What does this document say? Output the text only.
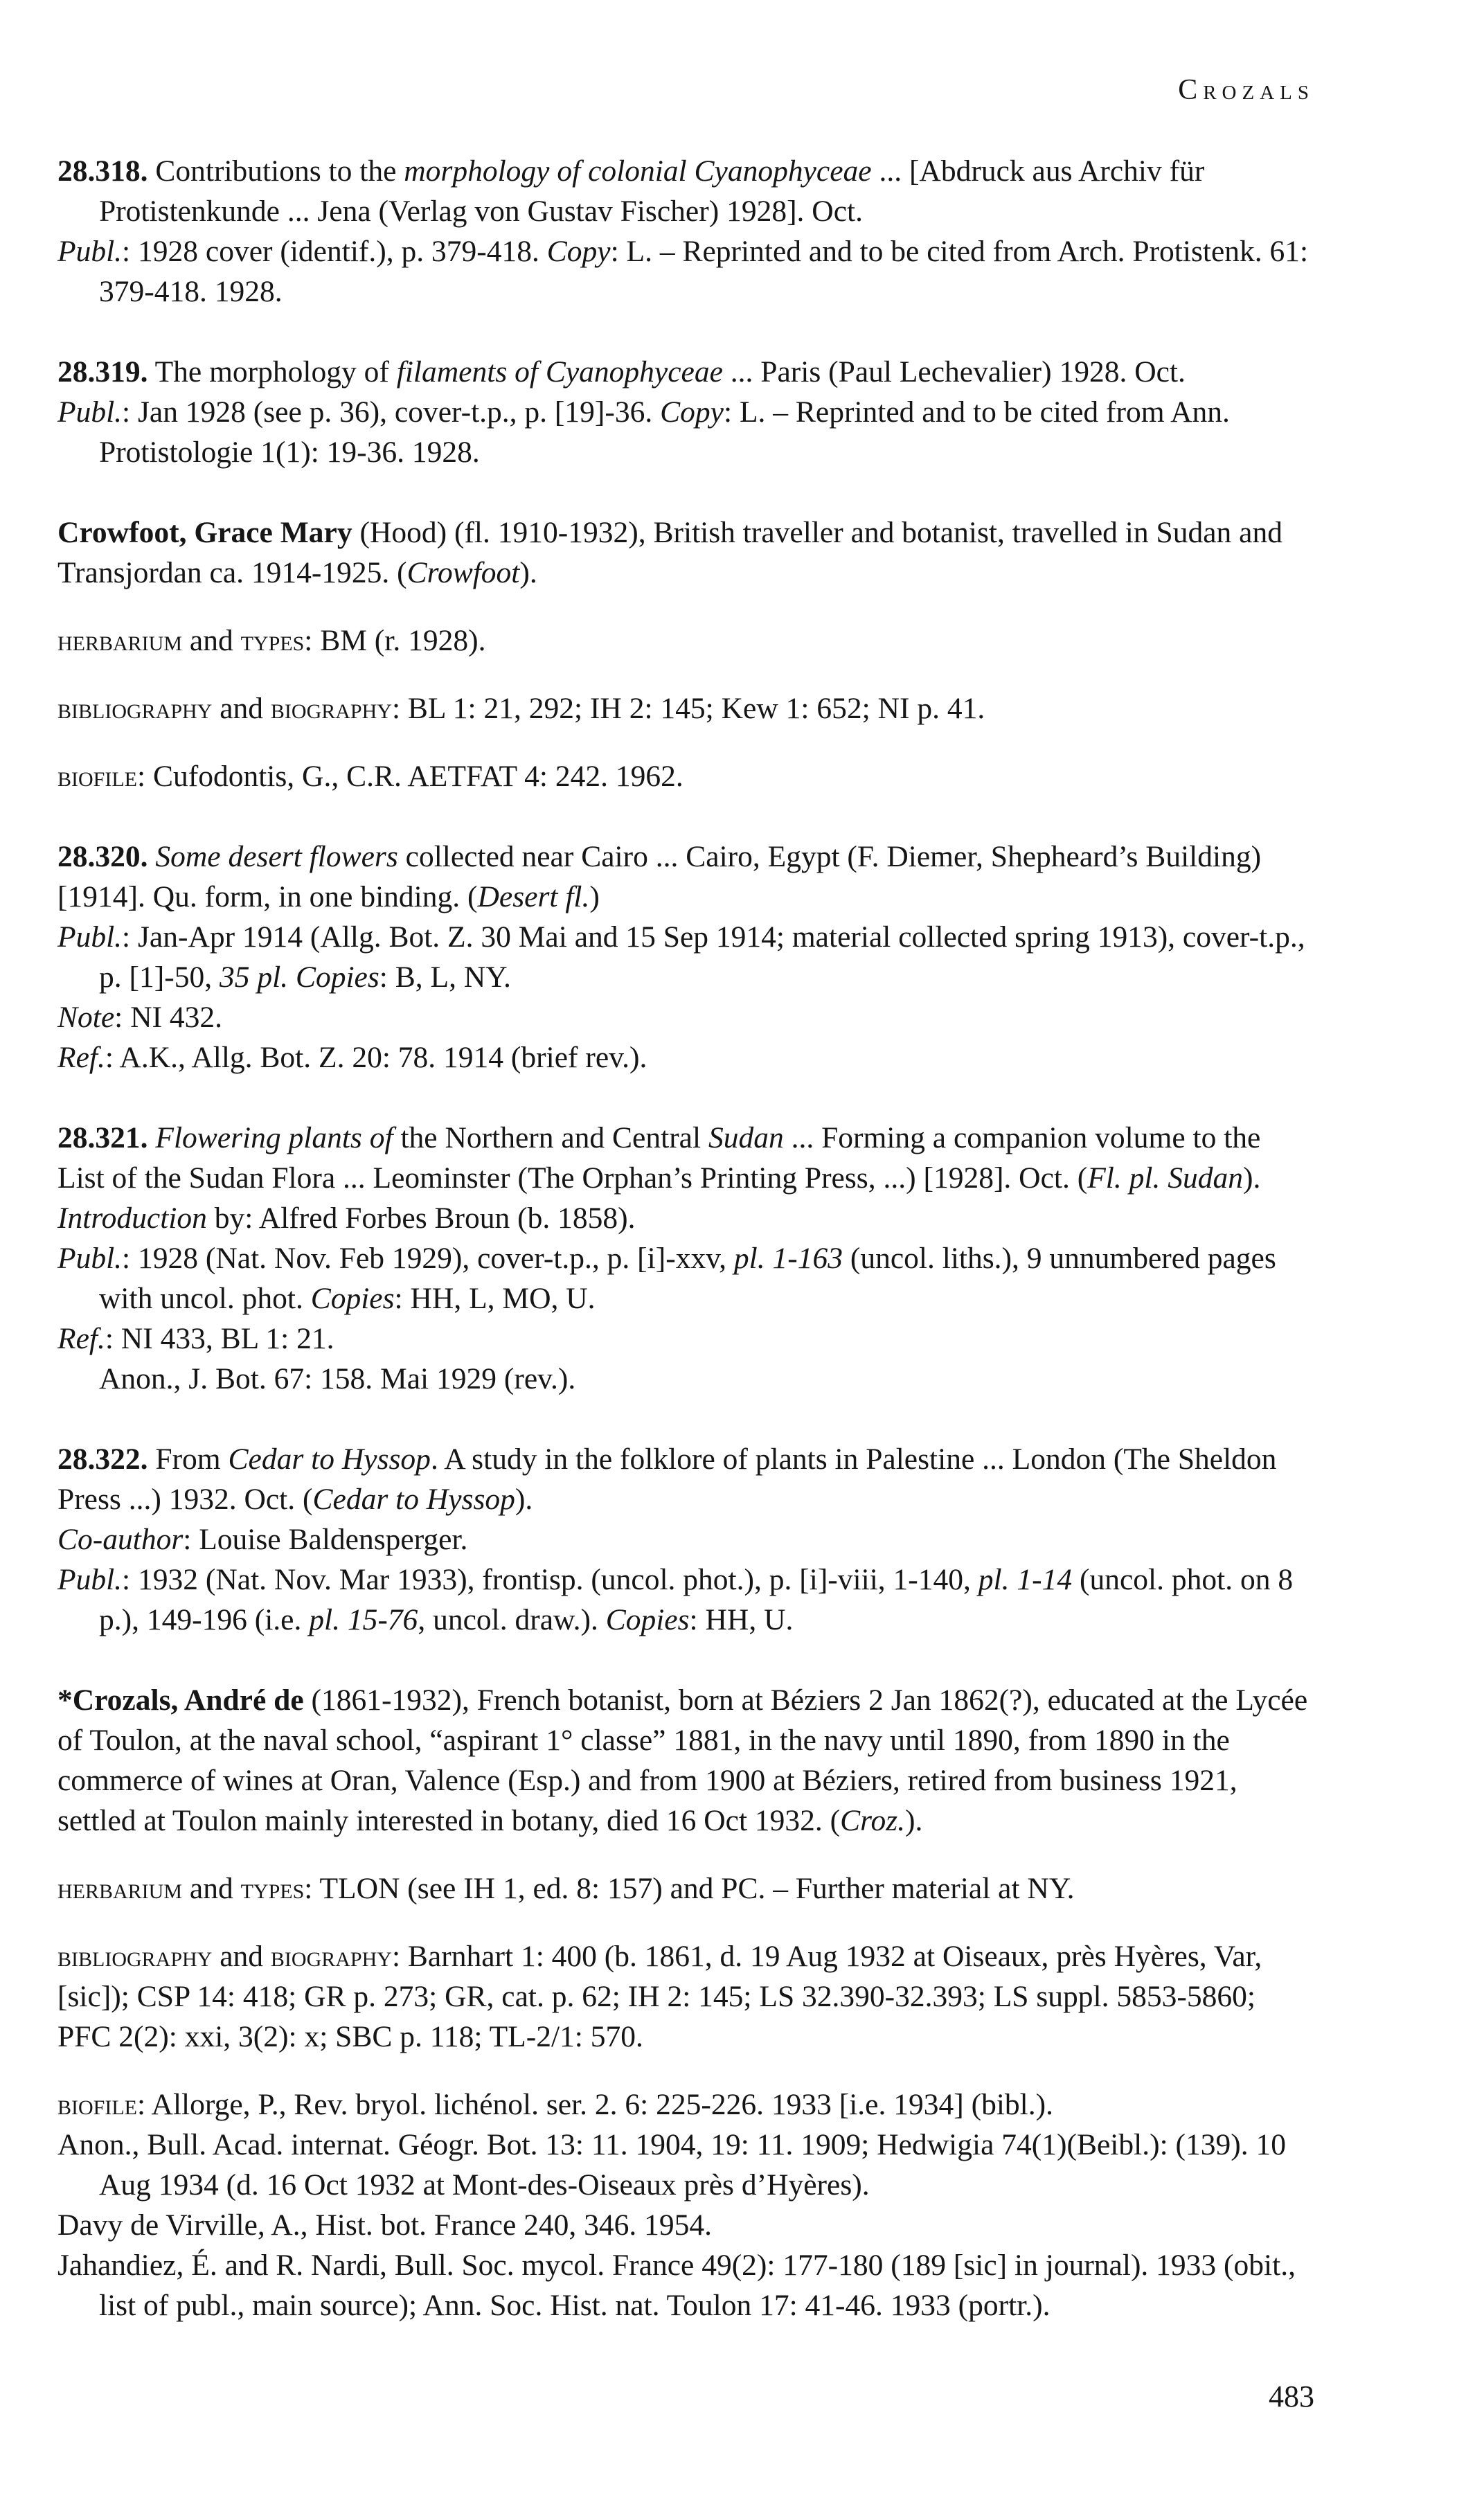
Crozals
28.318. Contributions to the morphology of colonial Cyanophyceae ... [Abdruck aus Archiv für Protistenkunde ... Jena (Verlag von Gustav Fischer) 1928]. Oct.
Publ.: 1928 cover (identif.), p. 379-418. Copy: L. – Reprinted and to be cited from Arch. Protistenk. 61: 379-418. 1928.
28.319. The morphology of filaments of Cyanophyceae ... Paris (Paul Lechevalier) 1928. Oct.
Publ.: Jan 1928 (see p. 36), cover-t.p., p. [19]-36. Copy: L. – Reprinted and to be cited from Ann. Protistologie 1(1): 19-36. 1928.
Crowfoot, Grace Mary (Hood) (fl. 1910-1932), British traveller and botanist, travelled in Sudan and Transjordan ca. 1914-1925. (Crowfoot).
herbarium and types: BM (r. 1928).
bibliography and biography: BL 1: 21, 292; IH 2: 145; Kew 1: 652; NI p. 41.
biofile: Cufodontis, G., C.R. AETFAT 4: 242. 1962.
28.320. Some desert flowers collected near Cairo ... Cairo, Egypt (F. Diemer, Shepheard’s Building) [1914]. Qu. form, in one binding. (Desert fl.)
Publ.: Jan-Apr 1914 (Allg. Bot. Z. 30 Mai and 15 Sep 1914; material collected spring 1913), cover-t.p., p. [1]-50, 35 pl. Copies: B, L, NY.
Note: NI 432.
Ref.: A.K., Allg. Bot. Z. 20: 78. 1914 (brief rev.).
28.321. Flowering plants of the Northern and Central Sudan ... Forming a companion volume to the List of the Sudan Flora ... Leominster (The Orphan’s Printing Press, ...) [1928]. Oct. (Fl. pl. Sudan).
Introduction by: Alfred Forbes Broun (b. 1858).
Publ.: 1928 (Nat. Nov. Feb 1929), cover-t.p., p. [i]-xxv, pl. 1-163 (uncol. liths.), 9 unnumbered pages with uncol. phot. Copies: HH, L, MO, U.
Ref.: NI 433, BL 1: 21.
Anon., J. Bot. 67: 158. Mai 1929 (rev.).
28.322. From Cedar to Hyssop. A study in the folklore of plants in Palestine ... London (The Sheldon Press ...) 1932. Oct. (Cedar to Hyssop).
Co-author: Louise Baldensperger.
Publ.: 1932 (Nat. Nov. Mar 1933), frontisp. (uncol. phot.), p. [i]-viii, 1-140, pl. 1-14 (uncol. phot. on 8 p.), 149-196 (i.e. pl. 15-76, uncol. draw.). Copies: HH, U.
*Crozals, André de (1861-1932), French botanist, born at Béziers 2 Jan 1862(?), educated at the Lycée of Toulon, at the naval school, “aspirant 1° classe” 1881, in the navy until 1890, from 1890 in the commerce of wines at Oran, Valence (Esp.) and from 1900 at Béziers, retired from business 1921, settled at Toulon mainly interested in botany, died 16 Oct 1932. (Croz.).
herbarium and types: TLON (see IH 1, ed. 8: 157) and PC. – Further material at NY.
bibliography and biography: Barnhart 1: 400 (b. 1861, d. 19 Aug 1932 at Oiseaux, près Hyères, Var, [sic]); CSP 14: 418; GR p. 273; GR, cat. p. 62; IH 2: 145; LS 32.390-32.393; LS suppl. 5853-5860; PFC 2(2): xxi, 3(2): x; SBC p. 118; TL-2/1: 570.
biofile: Allorge, P., Rev. bryol. lichénol. ser. 2. 6: 225-226. 1933 [i.e. 1934] (bibl.).
Anon., Bull. Acad. internat. Géogr. Bot. 13: 11. 1904, 19: 11. 1909; Hedwigia 74(1)(Beibl.): (139). 10 Aug 1934 (d. 16 Oct 1932 at Mont-des-Oiseaux près d’Hyères).
Davy de Virville, A., Hist. bot. France 240, 346. 1954.
Jahandiez, É. and R. Nardi, Bull. Soc. mycol. France 49(2): 177-180 (189 [sic] in journal). 1933 (obit., list of publ., main source); Ann. Soc. Hist. nat. Toulon 17: 41-46. 1933 (portr.).
483
